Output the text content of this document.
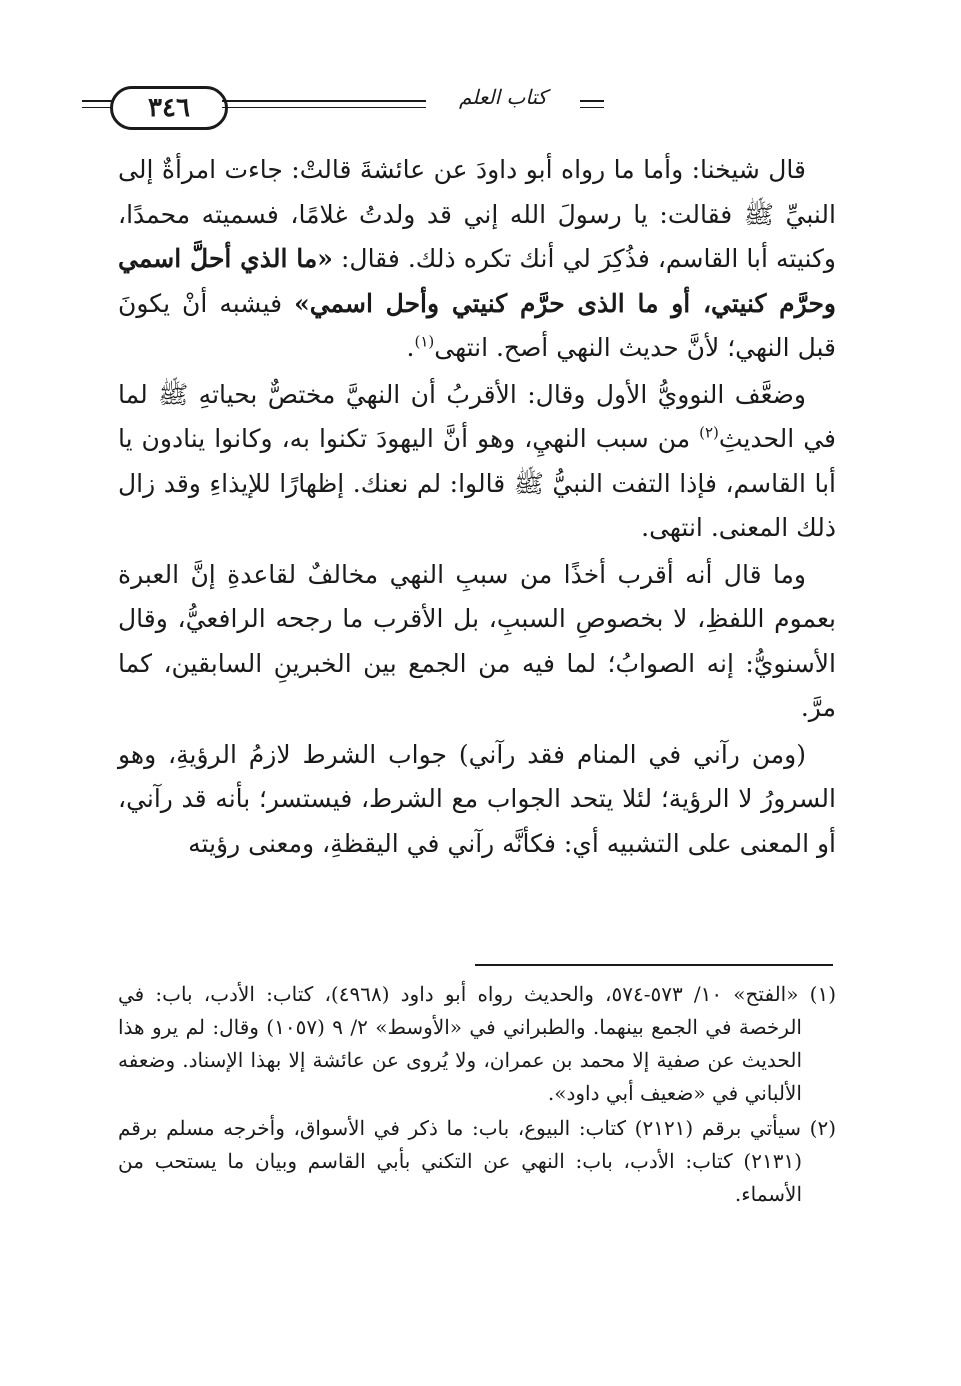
٣٤٦	كتاب العلم

قال شيخنا: وأما ما رواه أبو داودَ عن عائشةَ قالتْ: جاءت امرأةٌ إلى النبيِّ ﷺ فقالت: يا رسولَ الله إني قد ولدتُ غلامًا، فسميته محمدًا، وكنيته أبا القاسم، فذُكِرَ لي أنك تكره ذلك. فقال: «ما الذي أحلَّ اسمي وحرَّم كنيتي، أو ما الذى حرَّم كنيتي وأحل اسمي» فيشبه أنْ يكونَ قبل النهي؛ لأنَّ حديث النهي أصح. انتهى$^{(١)}$.

وضعَّف النوويُّ الأول وقال: الأقربُ أن النهيَّ مختصٌّ بحياتهِ ﷺ لما في الحديثِ$^{(٢)}$ من سبب النهيِ، وهو أنَّ اليهودَ تكنوا به، وكانوا ينادون يا أبا القاسم، فإذا التفت النبيُّ ﷺ قالوا: لم نعنك. إظهارًا للإيذاءِ وقد زال ذلك المعنى. انتهى.

وما قال أنه أقرب أخذًا من سببِ النهي مخالفٌ لقاعدةِ إنَّ العبرة بعموم اللفظِ، لا بخصوصِ السببِ، بل الأقرب ما رجحه الرافعيُّ، وقال الأسنويُّ: إنه الصوابُ؛ لما فيه من الجمع بين الخبرينِ السابقين، كما مرَّ.

(ومن رآني في المنام فقد رآني) جواب الشرط لازمُ الرؤيةِ، وهو السرورُ لا الرؤية؛ لئلا يتحد الجواب مع الشرط، فيستسر؛ بأنه قد رآني، أو المعنى على التشبيه أي: فكأنَّه رآني في اليقظةِ، ومعنى رؤيته

(١) «الفتح» ١٠/ ٥٧٣-٥٧٤، والحديث رواه أبو داود (٤٩٦٨)، كتاب: الأدب، باب: في الرخصة في الجمع بينهما. والطبراني في «الأوسط» ٢/ ٩ (١٠٥٧) وقال: لم يرو هذا الحديث عن صفية إلا محمد بن عمران، ولا يُروى عن عائشة إلا بهذا الإسناد. وضعفه الألباني في «ضعيف أبي داود».

(٢) سيأتي برقم (٢١٢١) كتاب: البيوع، باب: ما ذكر في الأسواق، وأخرجه مسلم برقم (٢١٣١) كتاب: الأدب، باب: النهي عن التكني بأبي القاسم وبيان ما يستحب من الأسماء.
